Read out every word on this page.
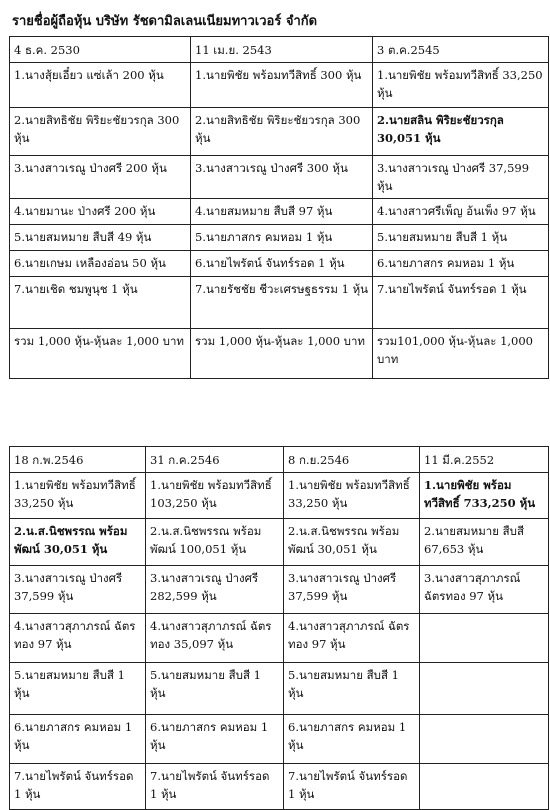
รายชื่อผู้ถือหุ้น บริษัท รัชดามิลเลนเนียมทาวเวอร์ จำกัด
4 ธ.ค. 2530	11 เม.ย. 2543	3 ต.ค.2545
1.นางสุ้ยเอี๋ยว แซ่เล้า 200 หุ้น	1.นายพิชัย พร้อมทวีสิทธิ์ 300 หุ้น	1.นายพิชัย พร้อมทวีสิทธิ์ 33,250 หุ้น
2.นายสิทธิชัย พิริยะชัยวรกุล 300 หุ้น	2.นายสิทธิชัย พิริยะชัยวรกุล 300 หุ้น	2.นายสลิน พิริยะชัยวรกุล 30,051 หุ้น
3.นางสาวเรณู ป่างศรี 200 หุ้น	3.นางสาวเรณู ป่างศรี 300 หุ้น	3.นางสาวเรณู ป่างศรี 37,599 หุ้น
4.นายมานะ ป่างศรี 200 หุ้น	4.นายสมหมาย สืบสี 97 หุ้น	4.นางสาวศรีเพ็ญ อ้นเพ็ง 97 หุ้น
5.นายสมหมาย สืบสี 49 หุ้น	5.นายภาสกร คมหอม 1 หุ้น	5.นายสมหมาย สืบสี 1 หุ้น
6.นายเกษม เหลืองอ่อน 50 หุ้น	6.นายไพรัตน์ จันทร์รอด 1 หุ้น	6.นายภาสกร คมหอม 1 หุ้น
7.นายเชิด ชมพูนุช 1 หุ้น	7.นายรัชชัย ชีวะเศรษฐธรรม 1 หุ้น	7.นายไพรัตน์ จันทร์รอด 1 หุ้น
รวม 1,000 หุ้น-หุ้นละ 1,000 บาท	รวม 1,000 หุ้น-หุ้นละ 1,000 บาท	รวม101,000 หุ้น-หุ้นละ 1,000 บาท
18 ก.พ.2546	31 ก.ค.2546	8 ก.ย.2546	11 มี.ค.2552
1.นายพิชัย พร้อมทวีสิทธิ์ 33,250 หุ้น	1.นายพิชัย พร้อมทวีสิทธิ์ 103,250 หุ้น	1.นายพิชัย พร้อมทวีสิทธิ์ 33,250 หุ้น	1.นายพิชัย พร้อมทวีสิทธิ์ 733,250 หุ้น
2.น.ส.นิชพรรณ พร้อมพัฒน์ 30,051 หุ้น	2.น.ส.นิชพรรณ พร้อมพัฒน์ 100,051 หุ้น	2.น.ส.นิชพรรณ พร้อมพัฒน์ 30,051 หุ้น	2.นายสมหมาย สืบสี 67,653 หุ้น
3.นางสาวเรณู ป่างศรี 37,599 หุ้น	3.นางสาวเรณู ป่างศรี 282,599 หุ้น	3.นางสาวเรณู ป่างศรี 37,599 หุ้น	3.นางสาวสุภาภรณ์ ฉัตรทอง 97 หุ้น
4.นางสาวสุภาภรณ์ ฉัตรทอง 97 หุ้น	4.นางสาวสุภาภรณ์ ฉัตรทอง 35,097 หุ้น	4.นางสาวสุภาภรณ์ ฉัตรทอง 97 หุ้น	
5.นายสมหมาย สืบสี 1 หุ้น	5.นายสมหมาย สืบสี 1 หุ้น	5.นายสมหมาย สืบสี 1 หุ้น	
6.นายภาสกร คมหอม 1 หุ้น	6.นายภาสกร คมหอม 1 หุ้น	6.นายภาสกร คมหอม 1 หุ้น	
7.นายไพรัตน์ จันทร์รอด 1 หุ้น	7.นายไพรัตน์ จันทร์รอด 1 หุ้น	7.นายไพรัตน์ จันทร์รอด 1 หุ้น	
